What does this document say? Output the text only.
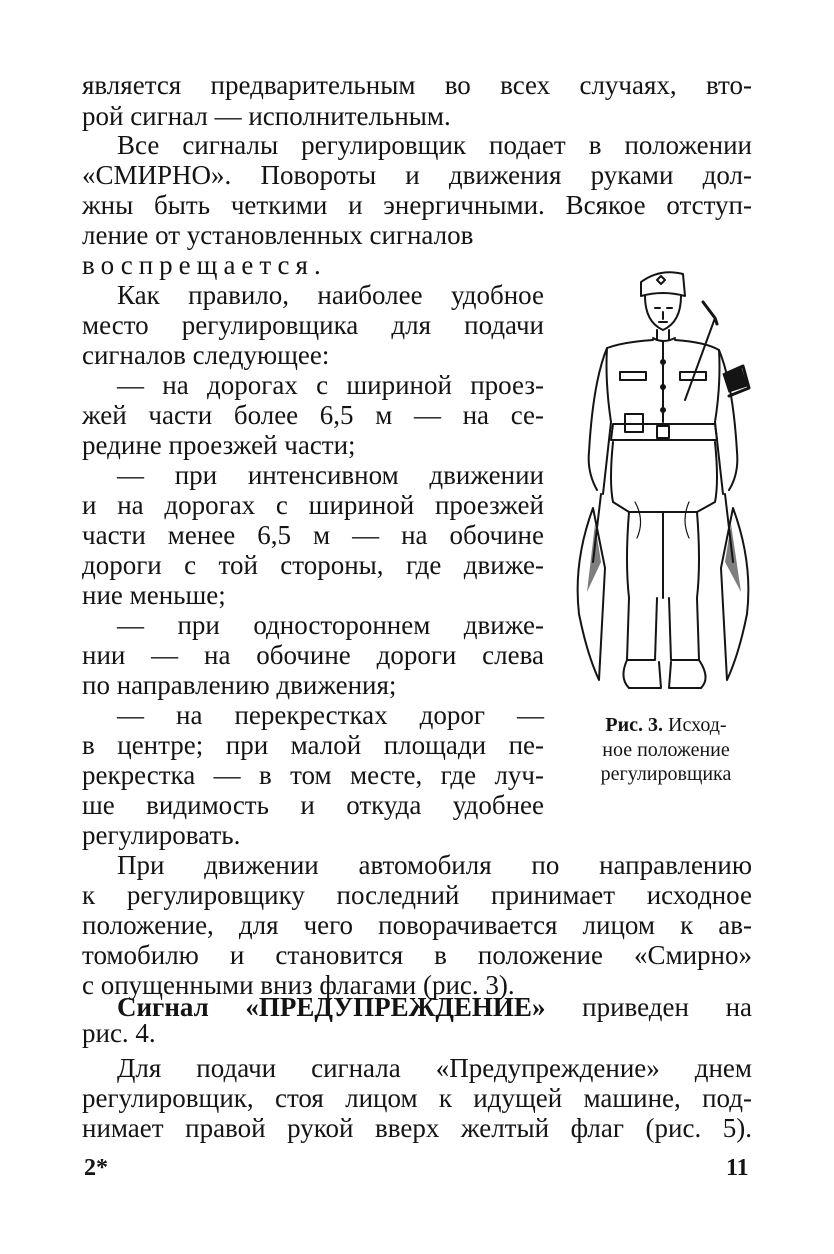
является предварительным во всех случаях, вто-
рой сигнал — исполнительным.
Все сигналы регулировщик подает в положении
«СМИРНО». Повороты и движения руками дол-
жны быть четкими и энергичными. Всякое отступ-
ление от установленных сигналов
воспрещается.
Как правило, наиболее удобное
место регулировщика для подачи
сигналов следующее:
— на дорогах с шириной проез-
жей части более 6,5 м — на се-
редине проезжей части;
— при интенсивном движении
и на дорогах с шириной проезжей
части менее 6,5 м — на обочине
дороги с той стороны, где движе-
ние меньше;
— при одностороннем движе-
нии — на обочине дороги слева
по направлению движения;
— на перекрестках дорог —
в центре; при малой площади пе-
рекрестка — в том месте, где луч-
ше видимость и откуда удобнее
регулировать.
При движении автомобиля по направлению
к регулировщику последний принимает исходное
положение, для чего поворачивается лицом к ав-
томобилю и становится в положение «Смирно»
с опущенными вниз флагами (рис. 3).
Сигнал «ПРЕДУПРЕЖДЕНИЕ» приведен на
рис. 4.
Для подачи сигнала «Предупреждение» днем
регулировщик, стоя лицом к идущей машине, под-
нимает правой рукой вверх желтый флаг (рис. 5).
Рис. 3. Исход-
ное положение
регулировщика
2*	11
